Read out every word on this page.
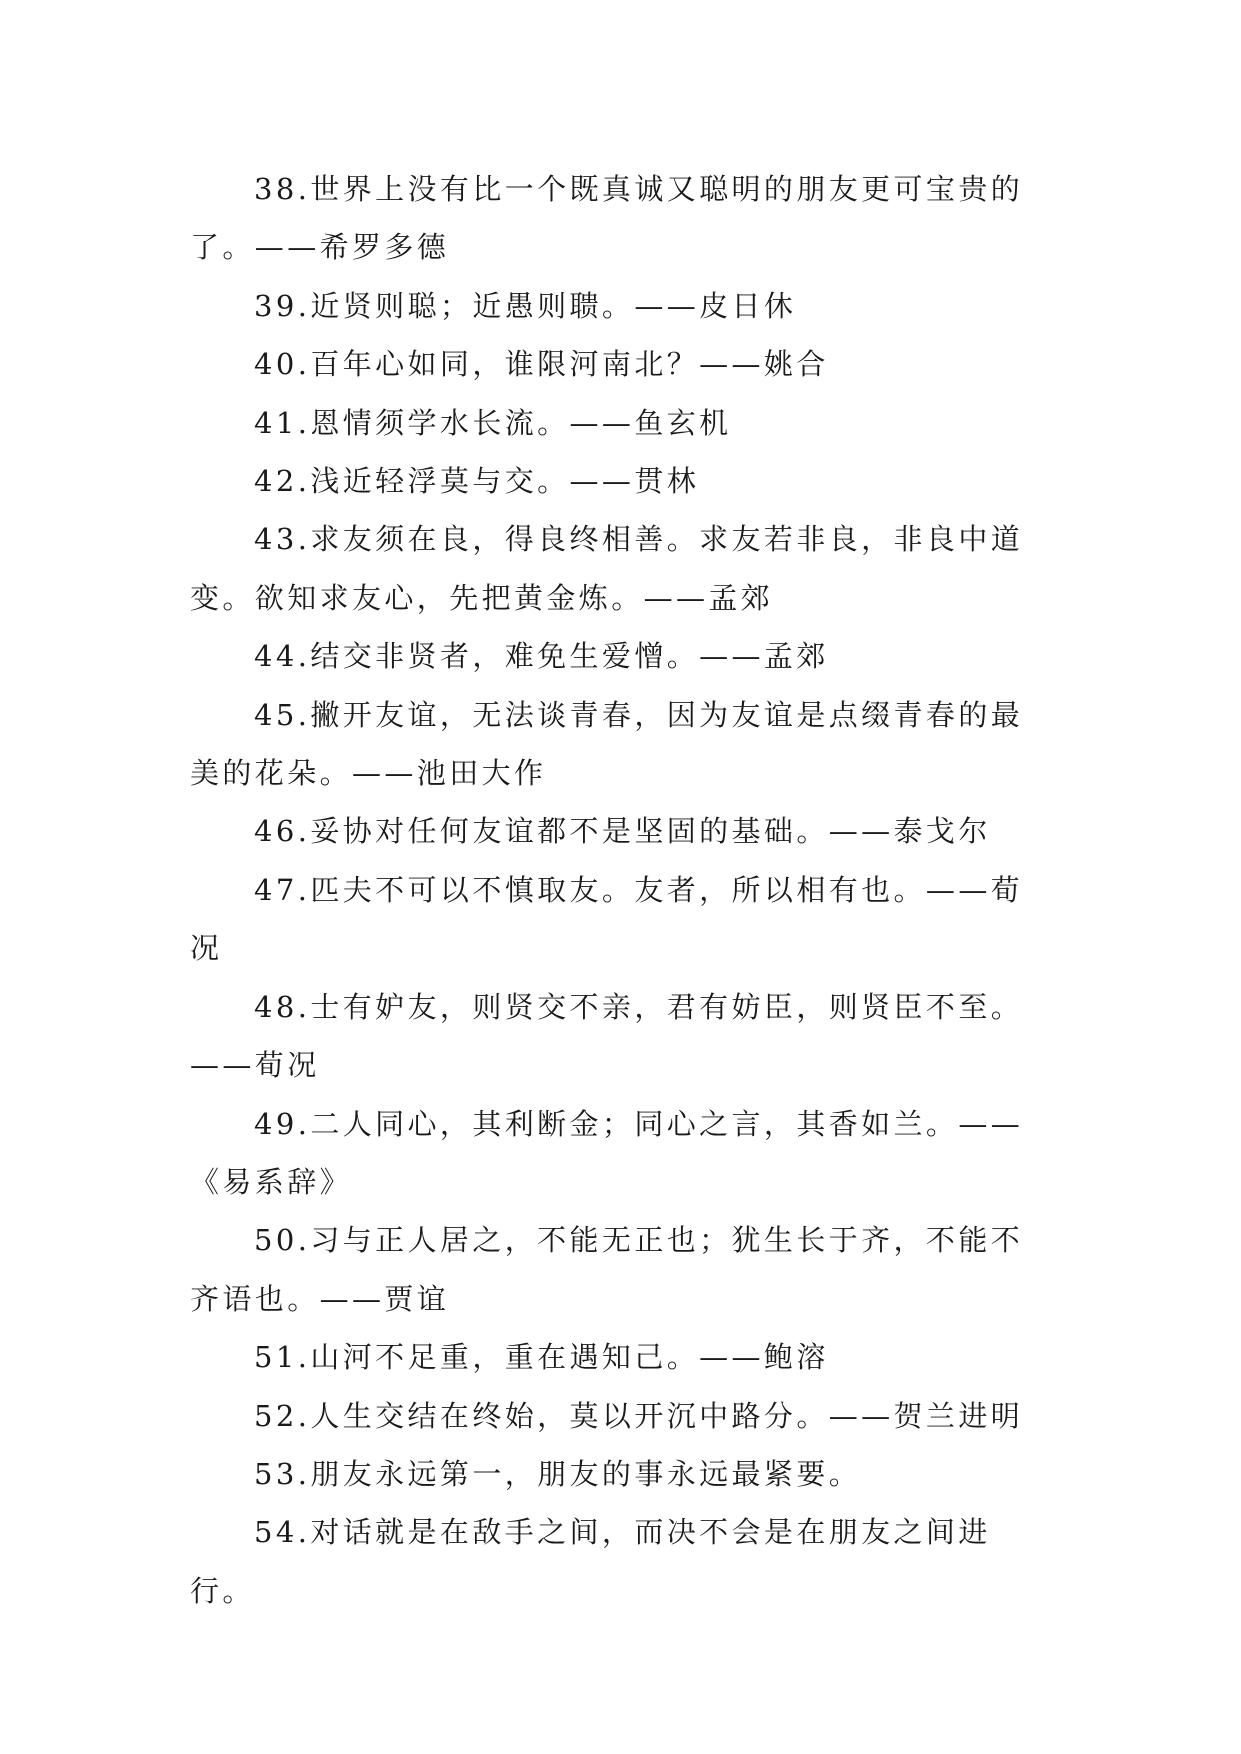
38.世界上没有比一个既真诚又聪明的朋友更可宝贵的了。——希罗多德

39.近贤则聪；近愚则聩。——皮日休

40.百年心如同，谁限河南北？——姚合

41.恩情须学水长流。——鱼玄机

42.浅近轻浮莫与交。——贯林

43.求友须在良，得良终相善。求友若非良，非良中道变。欲知求友心，先把黄金炼。——孟郊

44.结交非贤者，难免生爱憎。——孟郊

45.撇开友谊，无法谈青春，因为友谊是点缀青春的最美的花朵。——池田大作

46.妥协对任何友谊都不是坚固的基础。——泰戈尔

47.匹夫不可以不慎取友。友者，所以相有也。——荀况

48.士有妒友，则贤交不亲，君有妨臣，则贤臣不至。——荀况

49.二人同心，其利断金；同心之言，其香如兰。——《易系辞》

50.习与正人居之，不能无正也；犹生长于齐，不能不齐语也。——贾谊

51.山河不足重，重在遇知己。——鲍溶

52.人生交结在终始，莫以开沉中路分。——贺兰进明

53.朋友永远第一，朋友的事永远最紧要。

54.对话就是在敌手之间，而决不会是在朋友之间进行。
